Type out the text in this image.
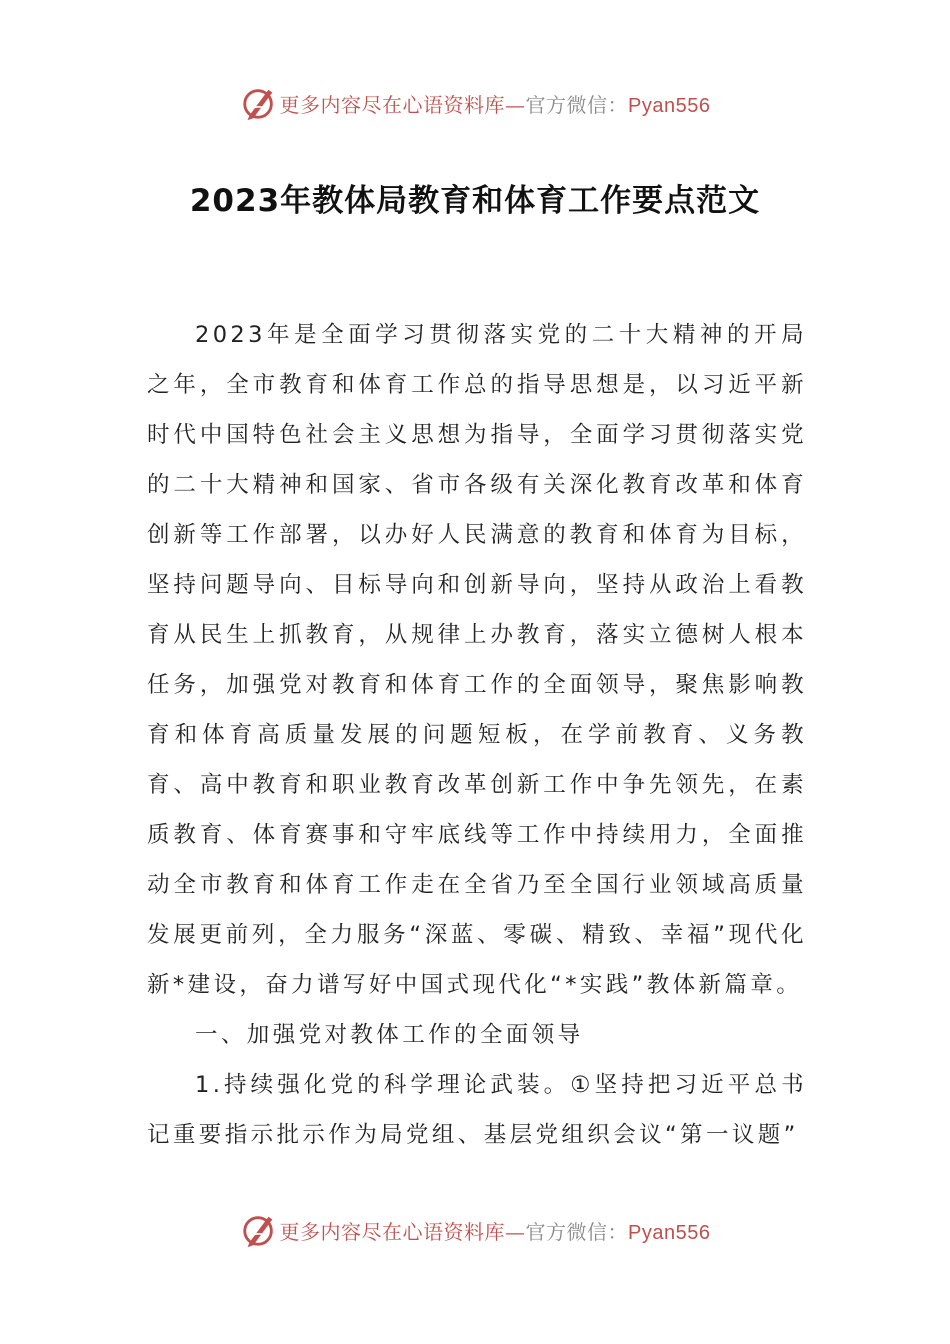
更多内容尽在心语资料库—官方微信：Pyan556
2023年教体局教育和体育工作要点范文

2023年是全面学习贯彻落实党的二十大精神的开局之年，全市教育和体育工作总的指导思想是，以习近平新时代中国特色社会主义思想为指导，全面学习贯彻落实党的二十大精神和国家、省市各级有关深化教育改革和体育创新等工作部署，以办好人民满意的教育和体育为目标，坚持问题导向、目标导向和创新导向，坚持从政治上看教育从民生上抓教育，从规律上办教育，落实立德树人根本任务，加强党对教育和体育工作的全面领导，聚焦影响教育和体育高质量发展的问题短板，在学前教育、义务教育、高中教育和职业教育改革创新工作中争先领先，在素质教育、体育赛事和守牢底线等工作中持续用力，全面推动全市教育和体育工作走在全省乃至全国行业领域高质量发展更前列，全力服务“深蓝、零碳、精致、幸福”现代化新*建设，奋力谱写好中国式现代化“*实践”教体新篇章。

一、加强党对教体工作的全面领导

1.持续强化党的科学理论武装。①坚持把习近平总书记重要指示批示作为局党组、基层党组织会议“第一议题”

更多内容尽在心语资料库—官方微信：Pyan556
